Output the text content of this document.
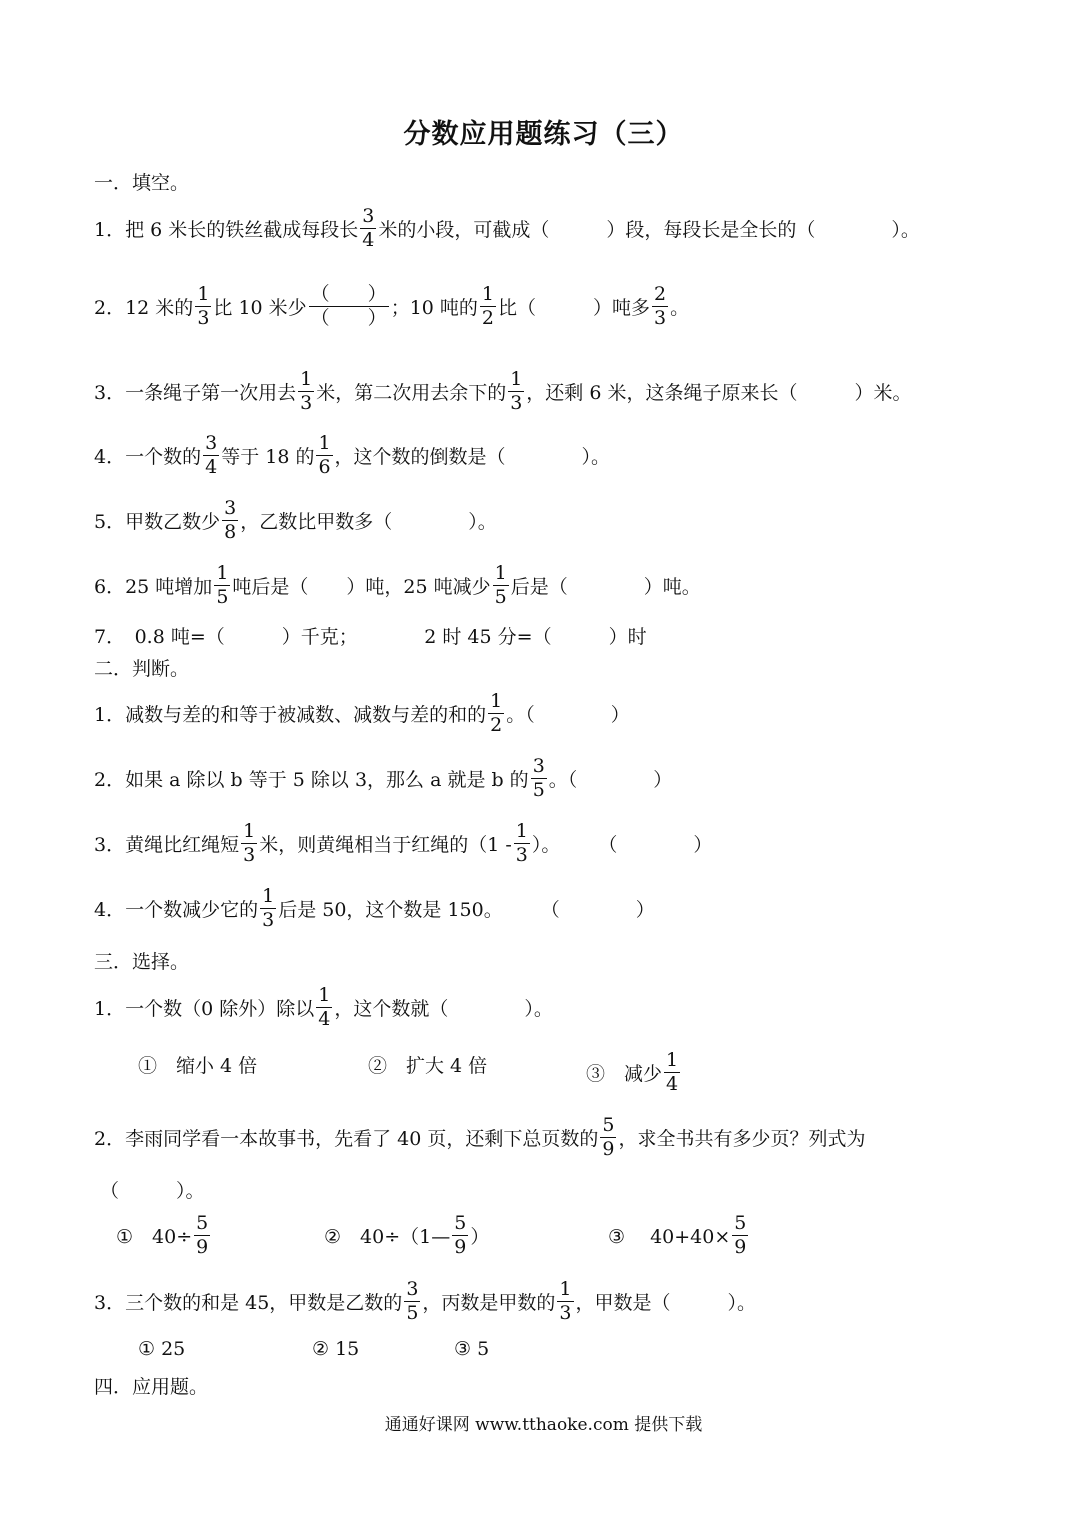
分数应用题练习（三）
一．填空。
1．把 6 米长的铁丝截成每段长 $\frac{3}{4}$ 米的小段，可截成（　　　）段，每段长是全长的（　　　　）。
2．12 米的 $\frac{1}{3}$ 比 10 米少 $\frac{( )}{( )}$ ；10 吨的 $\frac{1}{2}$ 比（　　　）吨多 $\frac{2}{3}$ 。
3．一条绳子第一次用去 $\frac{1}{3}$ 米，第二次用去余下的 $\frac{1}{3}$ ，还剩 6 米，这条绳子原来长（　　　）米。
4．一个数的 $\frac{3}{4}$ 等于 18 的 $\frac{1}{6}$ ，这个数的倒数是（　　　　）。
5．甲数乙数少 $\frac{3}{8}$ ，乙数比甲数多（　　　　）。
6．25 吨增加 $\frac{1}{5}$ 吨后是（　　）吨，25 吨减少 $\frac{1}{5}$ 后是（　　　　）吨。
7．　0.8 吨=（　　　）千克；　　　　2 时 45 分=（　　　）时
二．判断。
1．减数与差的和等于被减数、减数与差的和的 $\frac{1}{2}$ 。（　　　　）
2．如果 a 除以 b 等于 5 除以 3，那么 a 就是 b 的 $\frac{3}{5}$ 。（　　　　）
3．黄绳比红绳短 $\frac{1}{3}$ 米，则黄绳相当于红绳的（$1 - \frac{1}{3}$ ）。　　　（　　　　）
4．一个数减少它的 $\frac{1}{3}$ 后是 50，这个数是 150。　　　（　　　　）
三．选择。
1．一个数（0 除外）除以 $\frac{1}{4}$ ，这个数就（　　　　）。
①　缩小 4 倍	②　扩大 4 倍	③　减少 $\frac{1}{4}$
2．李雨同学看一本故事书，先看了 40 页，还剩下总页数的 $\frac{5}{9}$ ，求全书共有多少页？列式为
（　　　）。
①　$40\div \frac{5}{9}$	②　40÷（1— $\frac{5}{9}$ ）	③　 $40+40\times \frac{5}{9}$
3．三个数的和是 45，甲数是乙数的 $\frac{3}{5}$ ，丙数是甲数的 $\frac{1}{3}$ ，甲数是（　　　）。
① 25	② 15	③ 5
四．应用题。
通通好课网 www.tthaoke.com 提供下载
